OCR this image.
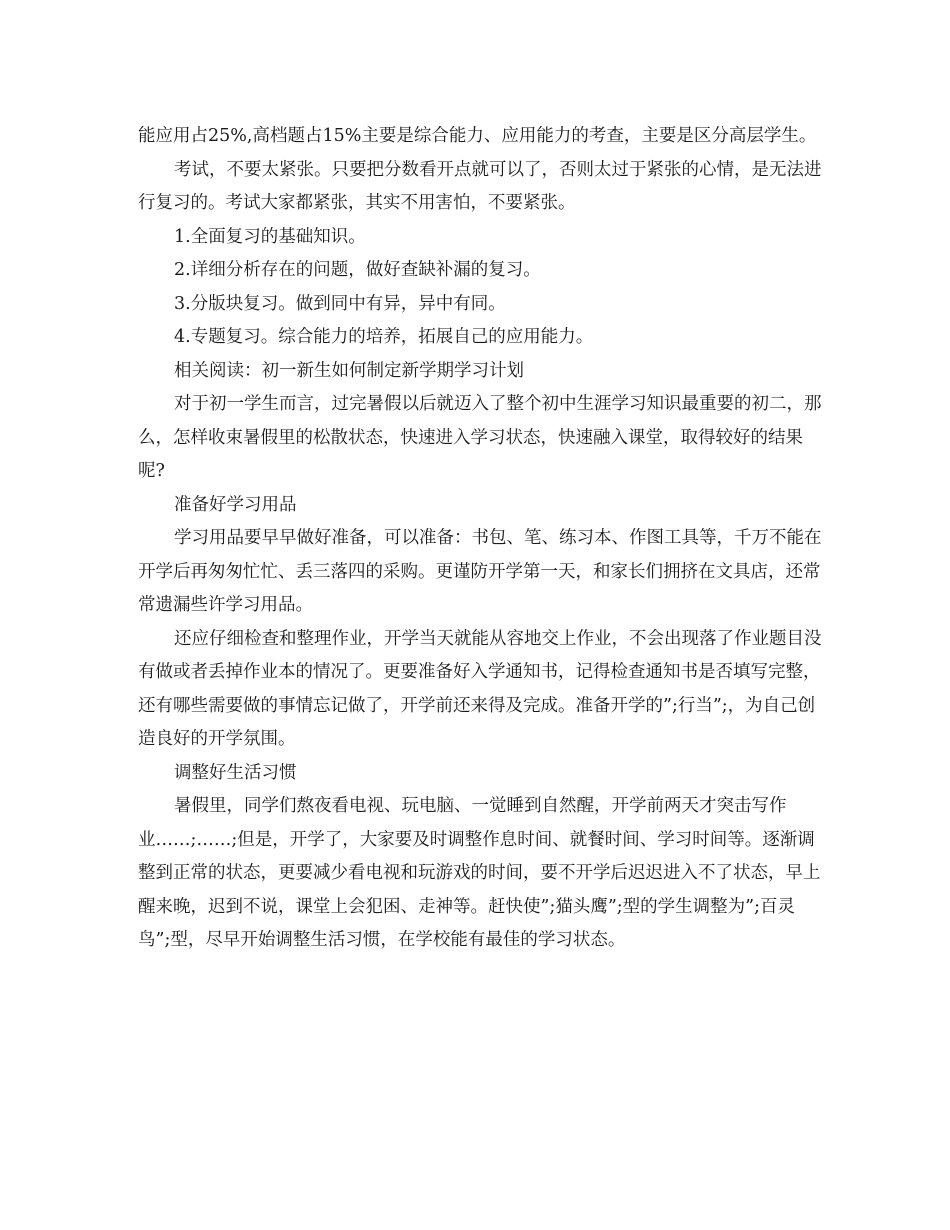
能应用占25%,高档题占15%主要是综合能力、应用能力的考查，主要是区分高层学生。

考试，不要太紧张。只要把分数看开点就可以了，否则太过于紧张的心情，是无法进行复习的。考试大家都紧张，其实不用害怕，不要紧张。

1.全面复习的基础知识。

2.详细分析存在的问题，做好查缺补漏的复习。

3.分版块复习。做到同中有异，异中有同。

4.专题复习。综合能力的培养，拓展自己的应用能力。

相关阅读：初一新生如何制定新学期学习计划

对于初一学生而言，过完暑假以后就迈入了整个初中生涯学习知识最重要的初二，那么，怎样收束暑假里的松散状态，快速进入学习状态，快速融入课堂，取得较好的结果呢?

准备好学习用品

学习用品要早早做好准备，可以准备：书包、笔、练习本、作图工具等，千万不能在开学后再匆匆忙忙、丢三落四的采购。更谨防开学第一天，和家长们拥挤在文具店，还常常遗漏些许学习用品。

还应仔细检查和整理作业，开学当天就能从容地交上作业，不会出现落了作业题目没有做或者丢掉作业本的情况了。更要准备好入学通知书，记得检查通知书是否填写完整，还有哪些需要做的事情忘记做了，开学前还来得及完成。准备开学的”;行当”;，为自己创造良好的开学氛围。

调整好生活习惯

暑假里，同学们熬夜看电视、玩电脑、一觉睡到自然醒，开学前两天才突击写作业……;……;但是，开学了，大家要及时调整作息时间、就餐时间、学习时间等。逐渐调整到正常的状态，更要减少看电视和玩游戏的时间，要不开学后迟迟进入不了状态，早上醒来晚，迟到不说，课堂上会犯困、走神等。赶快使”;猫头鹰”;型的学生调整为”;百灵鸟”;型，尽早开始调整生活习惯，在学校能有最佳的学习状态。
